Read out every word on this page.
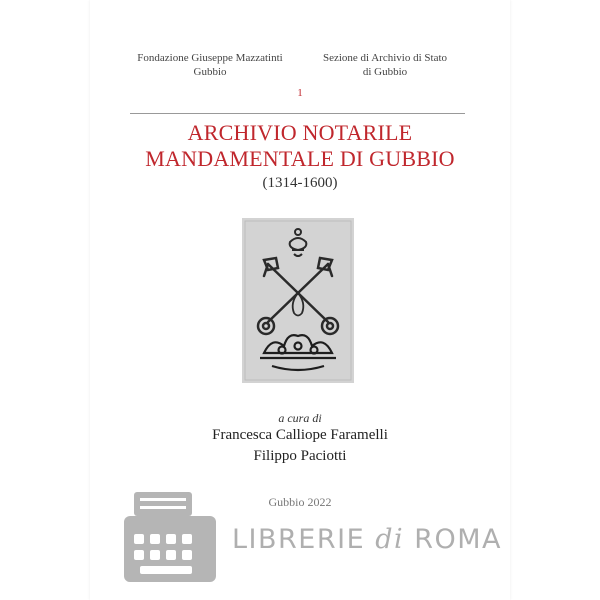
Fondazione Giuseppe Mazzatinti
Gubbio
Sezione di Archivio di Stato
di Gubbio
1
ARCHIVIO NOTARILE
MANDAMENTALE DI GUBBIO
(1314-1600)
a cura di
Francesca Calliope Faramelli
Filippo Paciotti
Gubbio 2022
LIBRERIE di ROMA
